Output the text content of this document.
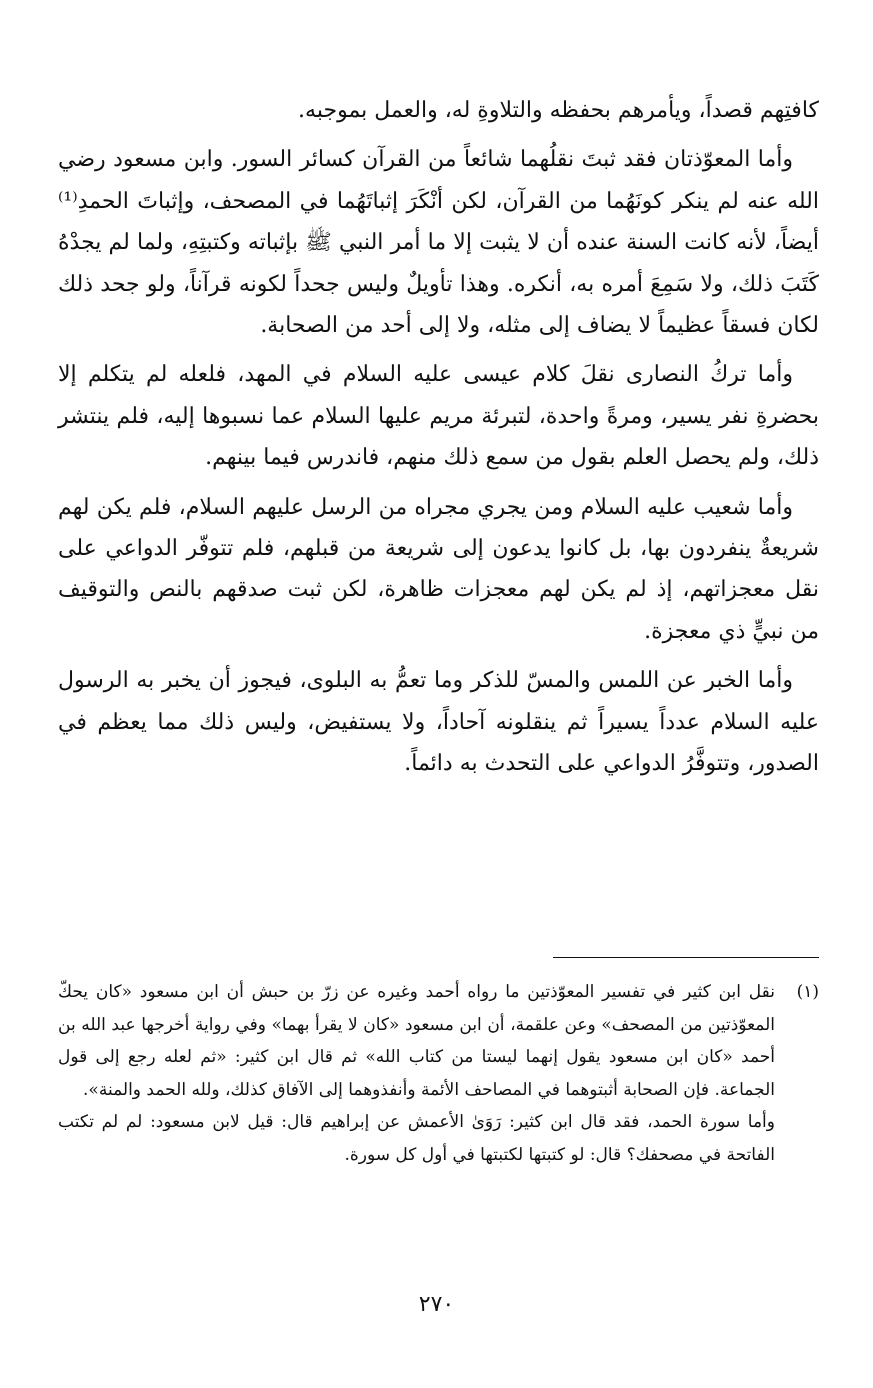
كافتِهم قصداً، ويأمرهم بحفظه والتلاوةِ له، والعمل بموجبه.

وأما المعوّذتان فقد ثبتَ نقلُهما شائعاً من القرآن كسائر السور. وابن مسعود رضي الله عنه لم ينكر كونَهُما من القرآن، لكن أنْكَرَ إثباتَهُما في المصحف، وإثباتَ الحمدِ⁽¹⁾ أيضاً، لأنه كانت السنة عنده أن لا يثبت إلا ما أمر النبي ﷺ بإثباته وكتبتِهِ، ولما لم يجدْهُ كَتَبَ ذلك، ولا سَمِعَ أمره به، أنكره. وهذا تأويلٌ وليس جحداً لكونه قرآناً، ولو جحد ذلك لكان فسقاً عظيماً لا يضاف إلى مثله، ولا إلى أحد من الصحابة.

وأما تركُ النصارى نقلَ كلام عيسى عليه السلام في المهد، فلعله لم يتكلم إلا بحضرةِ نفر يسير، ومرةً واحدة، لتبرئة مريم عليها السلام عما نسبوها إليه، فلم ينتشر ذلك، ولم يحصل العلم بقول من سمع ذلك منهم، فاندرس فيما بينهم.

وأما شعيب عليه السلام ومن يجري مجراه من الرسل عليهم السلام، فلم يكن لهم شريعةٌ ينفردون بها، بل كانوا يدعون إلى شريعة من قبلهم، فلم تتوفّر الدواعي على نقل معجزاتهم، إذ لم يكن لهم معجزات ظاهرة، لكن ثبت صدقهم بالنص والتوقيف من نبيٍّ ذي معجزة.

وأما الخبر عن اللمس والمسّ للذكر وما تعمُّ به البلوى، فيجوز أن يخبر به الرسول عليه السلام عدداً يسيراً ثم ينقلونه آحاداً، ولا يستفيض، وليس ذلك مما يعظم في الصدور، وتتوفَّرُ الدواعي على التحدث به دائماً.

(١)

نقل ابن كثير في تفسير المعوّذتين ما رواه أحمد وغيره عن زرّ بن حبش أن ابن مسعود «كان يحكّ المعوّذتين من المصحف» وعن علقمة، أن ابن مسعود «كان لا يقرأ بهما» وفي رواية أخرجها عبد الله بن أحمد «كان ابن مسعود يقول إنهما ليستا من كتاب الله» ثم قال ابن كثير: «ثم لعله رجع إلى قول الجماعة. فإن الصحابة أثبتوهما في المصاحف الأئمة وأنفذوهما إلى الآفاق كذلك، ولله الحمد والمنة».

وأما سورة الحمد، فقد قال ابن كثير: رَوَىٰ الأعمش عن إبراهيم قال: قيل لابن مسعود: لم لم تكتب الفاتحة في مصحفك؟ قال: لو كتبتها لكتبتها في أول كل سورة.

٢٧٠
